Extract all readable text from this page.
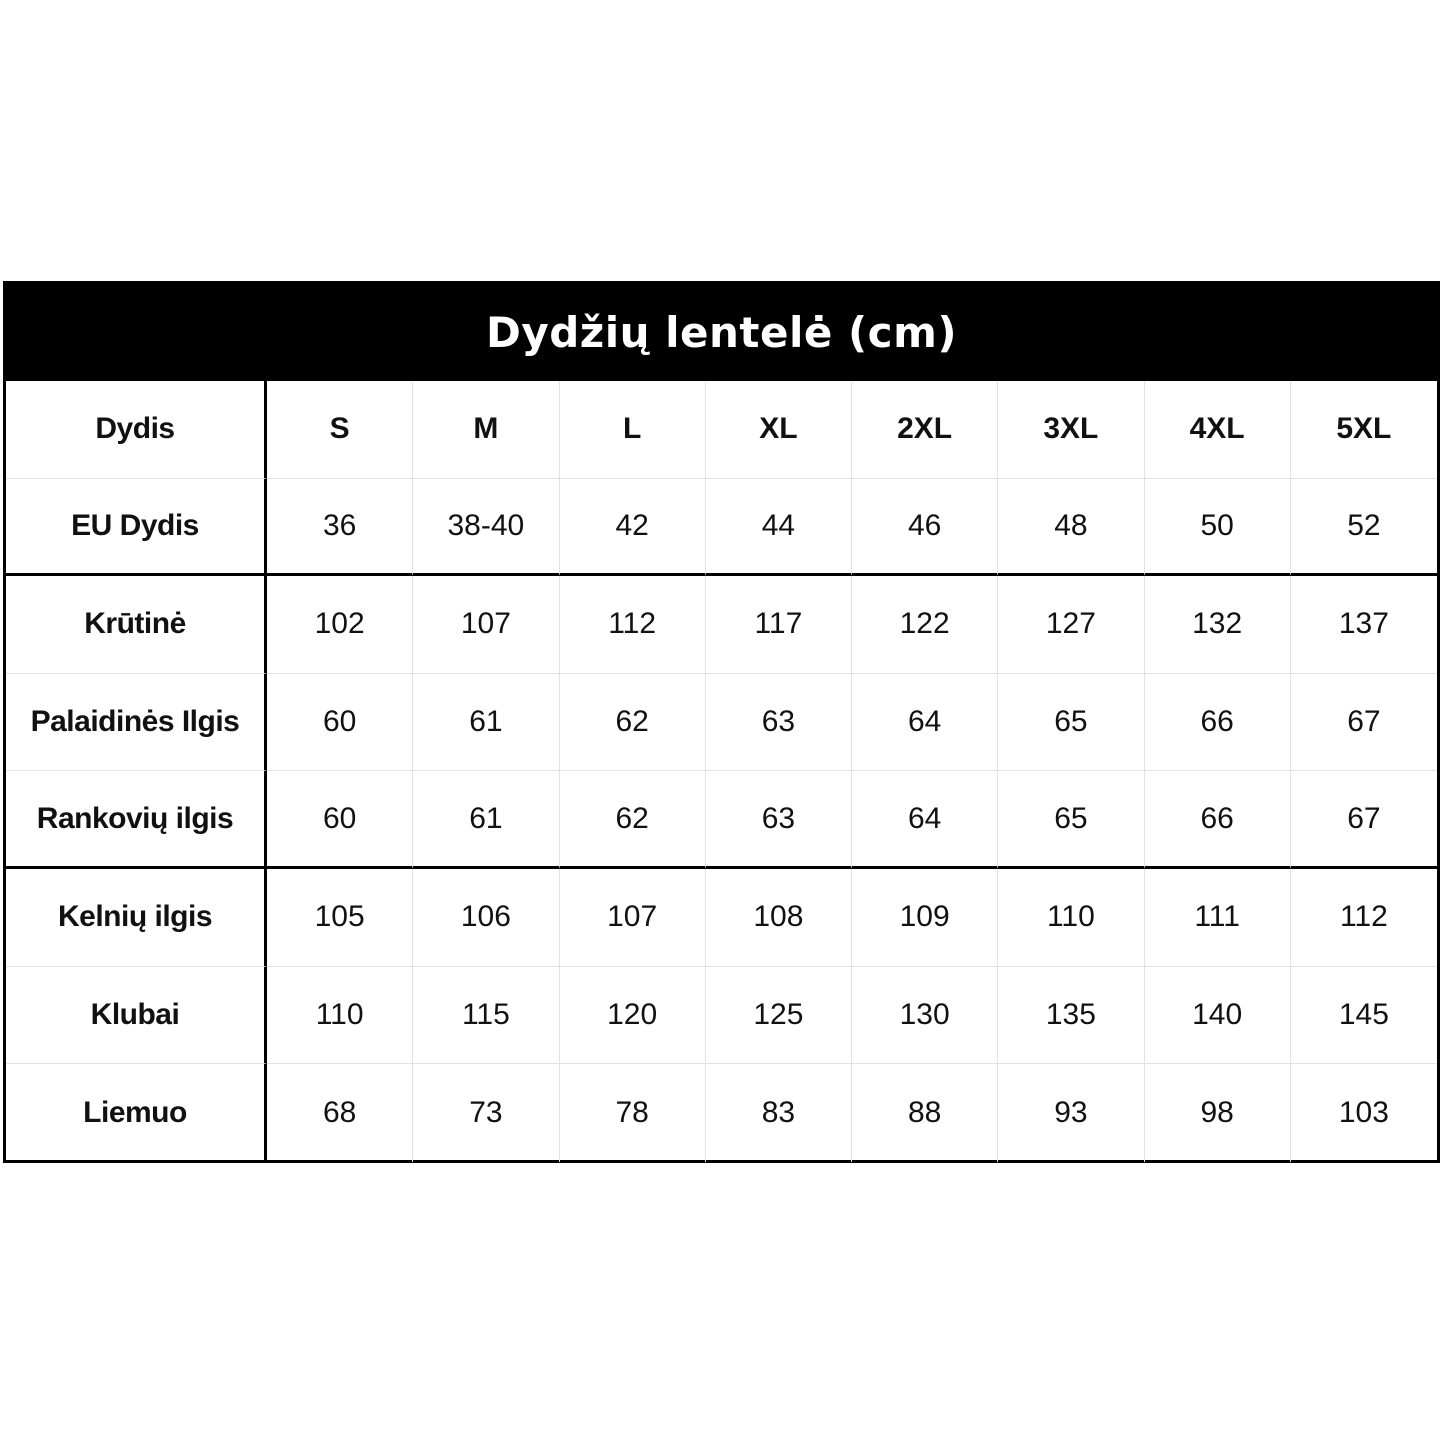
Dydžių lentelė (cm)
Dydis	S	M	L	XL	2XL	3XL	4XL	5XL
EU Dydis	36	38-40	42	44	46	48	50	52
Krūtinė	102	107	112	117	122	127	132	137
Palaidinės Ilgis	60	61	62	63	64	65	66	67
Rankovių ilgis	60	61	62	63	64	65	66	67
Kelnių ilgis	105	106	107	108	109	110	111	112
Klubai	110	115	120	125	130	135	140	145
Liemuo	68	73	78	83	88	93	98	103
